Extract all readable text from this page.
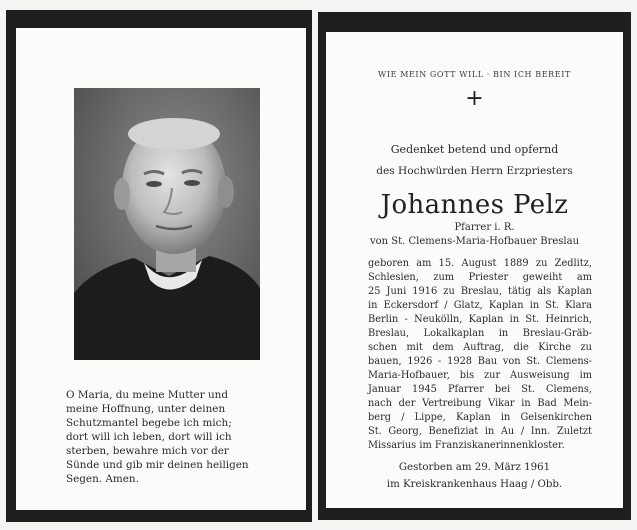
O Maria, du meine Mutter und
meine Hoffnung, unter deinen
Schutzmantel begebe ich mich;
dort will ich leben, dort will ich
sterben, bewahre mich vor der
Sünde und gib mir deinen heiligen
Segen. Amen.
WIE MEIN GOTT WILL · BIN ICH BEREIT
+
Gedenket betend und opfernd
des Hochwürden Herrn Erzpriesters
Johannes Pelz
Pfarrer i. R.
von St. Clemens-Maria-Hofbauer Breslau
geboren am 15. August 1889 zu Zedlitz,
Schlesien, zum Priester geweiht am
25 Juni 1916 zu Breslau, tätig als Kaplan
in Eckersdorf / Glatz, Kaplan in St. Klara
Berlin - Neukölln, Kaplan in St. Heinrich,
Breslau, Lokalkaplan in Breslau-Gräb-
schen mit dem Auftrag, die Kirche zu
bauen, 1926 - 1928 Bau von St. Clemens-
Maria-Hofbauer, bis zur Ausweisung im
Januar 1945 Pfarrer bei St. Clemens,
nach der Vertreibung Vikar in Bad Mein-
berg / Lippe, Kaplan in Gelsenkirchen
St. Georg, Benefiziat in Au / Inn. Zuletzt
Missarius im Franziskanerinnenkloster.
Gestorben am 29. März 1961
im Kreiskrankenhaus Haag / Obb.
